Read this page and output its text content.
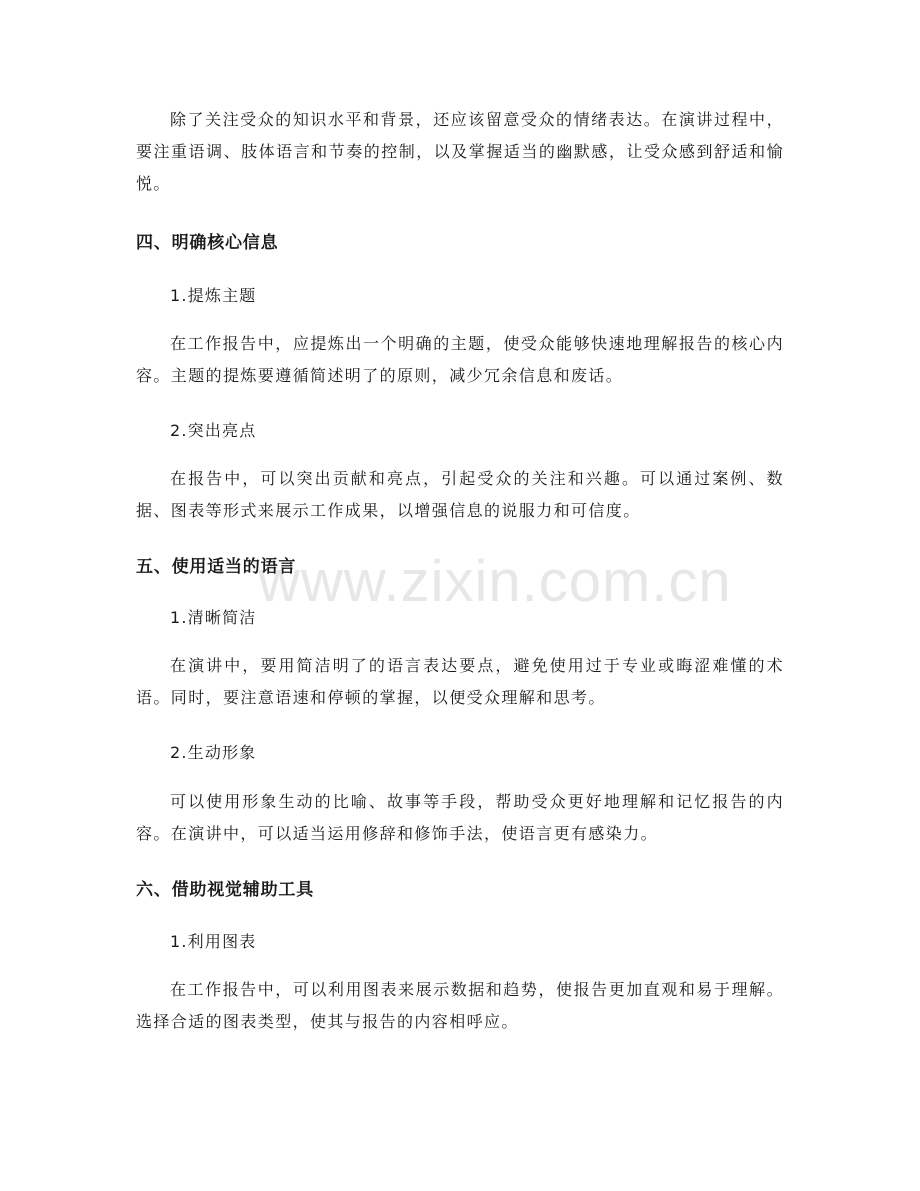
除了关注受众的知识水平和背景，还应该留意受众的情绪表达。在演讲过程中，要注重语调、肢体语言和节奏的控制，以及掌握适当的幽默感，让受众感到舒适和愉悦。

四、明确核心信息

1.提炼主题

在工作报告中，应提炼出一个明确的主题，使受众能够快速地理解报告的核心内容。主题的提炼要遵循简述明了的原则，减少冗余信息和废话。

2.突出亮点

在报告中，可以突出贡献和亮点，引起受众的关注和兴趣。可以通过案例、数据、图表等形式来展示工作成果，以增强信息的说服力和可信度。

五、使用适当的语言

1.清晰简洁

在演讲中，要用简洁明了的语言表达要点，避免使用过于专业或晦涩难懂的术语。同时，要注意语速和停顿的掌握，以便受众理解和思考。

2.生动形象

可以使用形象生动的比喻、故事等手段，帮助受众更好地理解和记忆报告的内容。在演讲中，可以适当运用修辞和修饰手法，使语言更有感染力。

六、借助视觉辅助工具

1.利用图表

在工作报告中，可以利用图表来展示数据和趋势，使报告更加直观和易于理解。选择合适的图表类型，使其与报告的内容相呼应。

www.zixin.com.cn
